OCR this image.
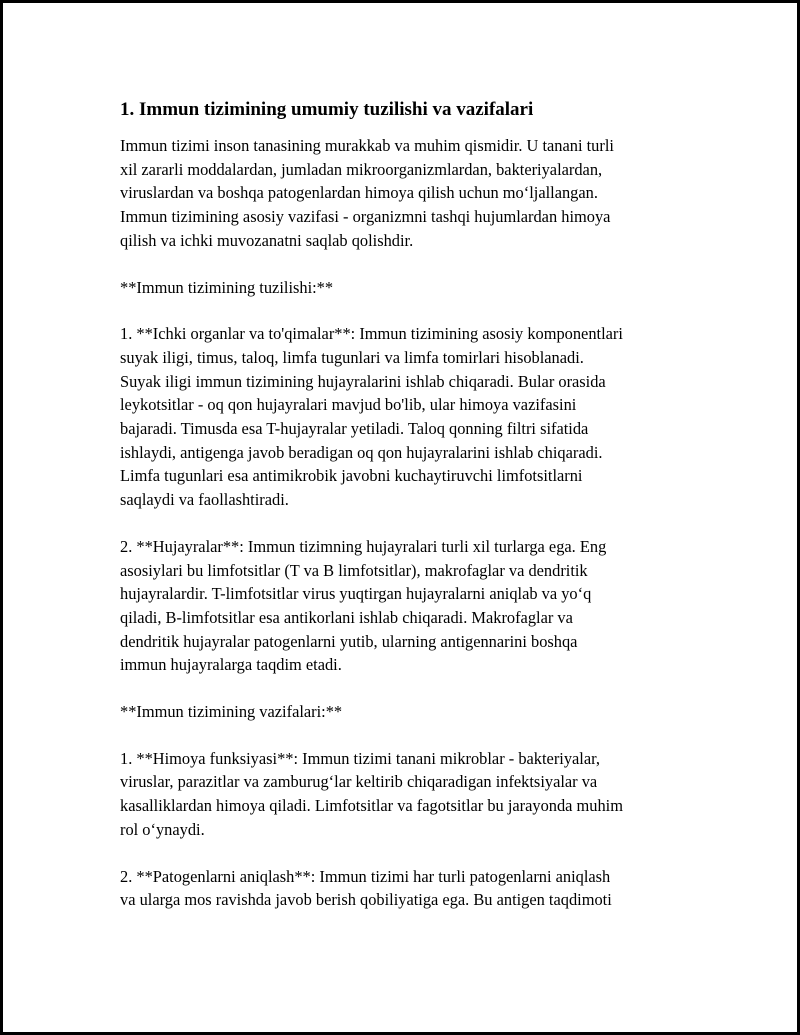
1. Immun tizimining umumiy tuzilishi va vazifalari

Immun tizimi inson tanasining murakkab va muhim qismidir. U tanani turli
xil zararli moddalardan, jumladan mikroorganizmlardan, bakteriyalardan,
viruslardan va boshqa patogenlardan himoya qilish uchun mo‘ljallangan.
Immun tizimining asosiy vazifasi - organizmni tashqi hujumlardan himoya
qilish va ichki muvozanatni saqlab qolishdir.

**Immun tizimining tuzilishi:**

1. **Ichki organlar va to'qimalar**: Immun tizimining asosiy komponentlari
suyak iligi, timus, taloq, limfa tugunlari va limfa tomirlari hisoblanadi.
Suyak iligi immun tizimining hujayralarini ishlab chiqaradi. Bular orasida
leykotsitlar - oq qon hujayralari mavjud bo'lib, ular himoya vazifasini
bajaradi. Timusda esa T-hujayralar yetiladi. Taloq qonning filtri sifatida
ishlaydi, antigenga javob beradigan oq qon hujayralarini ishlab chiqaradi.
Limfa tugunlari esa antimikrobik javobni kuchaytiruvchi limfotsitlarni
saqlaydi va faollashtiradi.

2. **Hujayralar**: Immun tizimning hujayralari turli xil turlarga ega. Eng
asosiylari bu limfotsitlar (T va B limfotsitlar), makrofaglar va dendritik
hujayralardir. T-limfotsitlar virus yuqtirgan hujayralarni aniqlab va yo‘q
qiladi, B-limfotsitlar esa antikorlani ishlab chiqaradi. Makrofaglar va
dendritik hujayralar patogenlarni yutib, ularning antigennarini boshqa
immun hujayralarga taqdim etadi.

**Immun tizimining vazifalari:**

1. **Himoya funksiyasi**: Immun tizimi tanani mikroblar - bakteriyalar,
viruslar, parazitlar va zamburug‘lar keltirib chiqaradigan infektsiyalar va
kasalliklardan himoya qiladi. Limfotsitlar va fagotsitlar bu jarayonda muhim
rol o‘ynaydi.

2. **Patogenlarni aniqlash**: Immun tizimi har turli patogenlarni aniqlash
va ularga mos ravishda javob berish qobiliyatiga ega. Bu antigen taqdimoti
